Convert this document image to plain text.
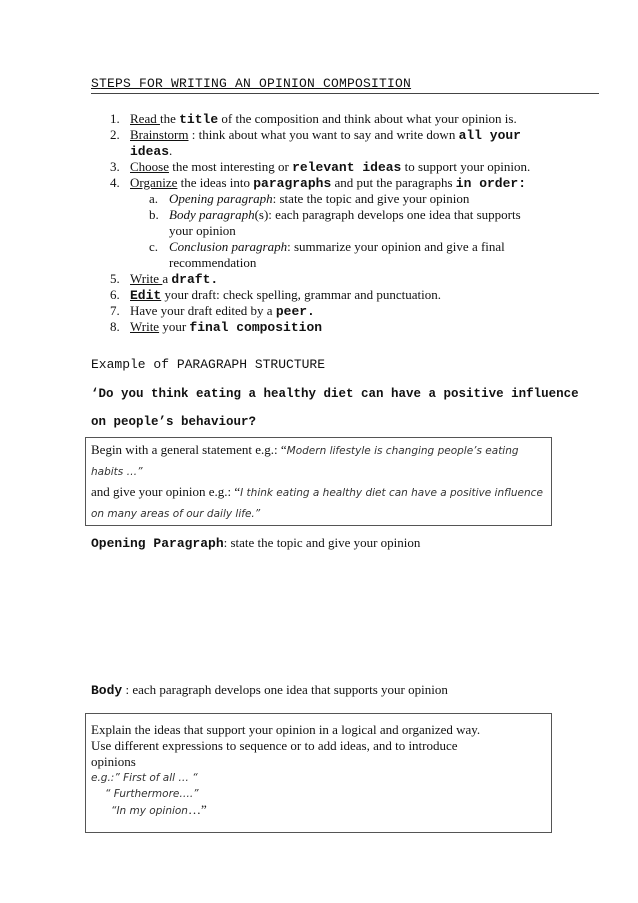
STEPS FOR WRITING AN OPINION COMPOSITION
1. Read the title of the composition and think about what your opinion is.
2. Brainstorm : think about what you want to say and write down all your
ideas.
3. Choose the most interesting or relevant ideas to support your opinion.
4. Organize the ideas into paragraphs and put the paragraphs in order:
a. Opening paragraph: state the topic and give your opinion
b. Body paragraph(s): each paragraph develops one idea that supports
your opinion
c. Conclusion paragraph: summarize your opinion and give a final
recommendation
5. Write a draft.
6. Edit your draft: check spelling, grammar and punctuation.
7. Have your draft edited by a peer.
8. Write your final composition
Example of PARAGRAPH STRUCTURE
‘Do you think eating a healthy diet can have a positive influence on people’s behaviour?
Begin with a general statement e.g.: “Modern lifestyle is changing people’s eating habits …”
and give your opinion e.g.: “I think eating a healthy diet can have a positive influence on many areas of our daily life.”
Opening Paragraph: state the topic and give your opinion
Body : each paragraph develops one idea that supports your opinion
Explain the ideas that support your opinion in a logical and organized way.
Use different expressions to sequence or to add ideas, and to introduce
opinions
e.g.:” First of all … “
“ Furthermore….”
“In my opinion…”
